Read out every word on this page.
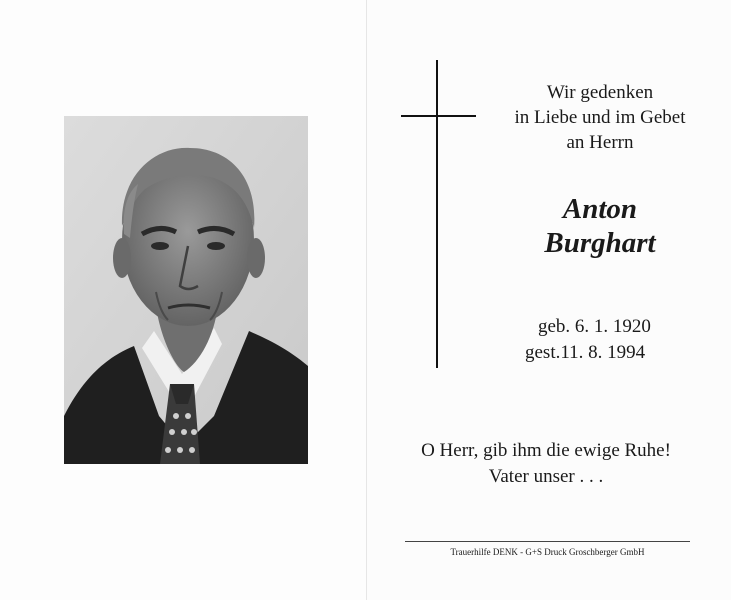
Wir gedenken
in Liebe und im Gebet
an Herrn
Anton
Burghart
geb. 6. 1. 1920
gest.11. 8. 1994
O Herr, gib ihm die ewige Ruhe!
Vater unser . . .
Trauerhilfe DENK - G+S Druck Groschberger GmbH
